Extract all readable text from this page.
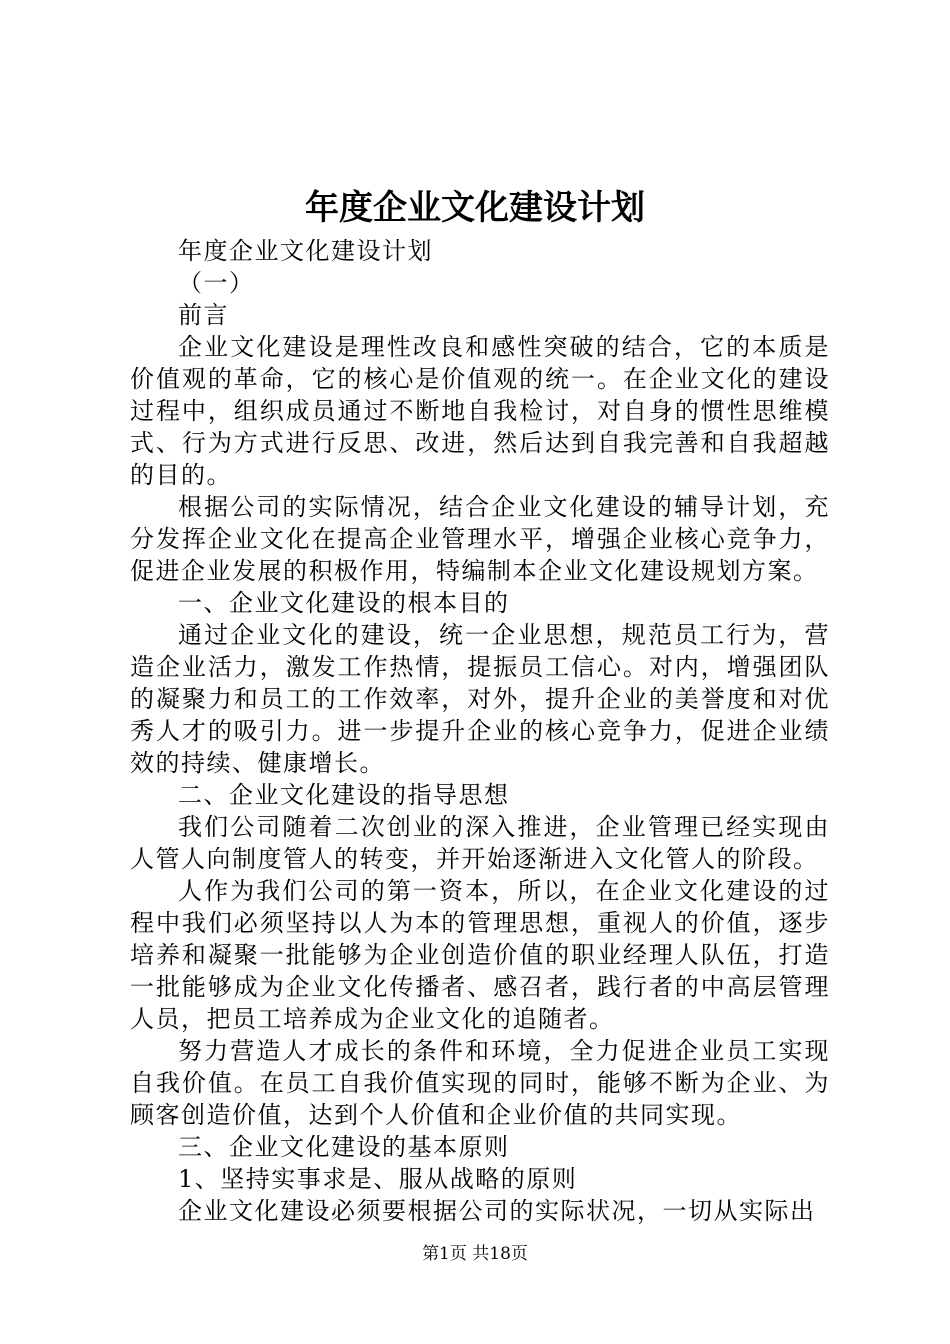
年度企业文化建设计划

年度企业文化建设计划

（一）

前言

企业文化建设是理性改良和感性突破的结合，它的本质是价值观的革命，它的核心是价值观的统一。在企业文化的建设过程中，组织成员通过不断地自我检讨，对自身的惯性思维模式、行为方式进行反思、改进，然后达到自我完善和自我超越的目的。

根据公司的实际情况，结合企业文化建设的辅导计划，充分发挥企业文化在提高企业管理水平，增强企业核心竞争力，促进企业发展的积极作用，特编制本企业文化建设规划方案。

一、企业文化建设的根本目的

通过企业文化的建设，统一企业思想，规范员工行为，营造企业活力，激发工作热情，提振员工信心。对内，增强团队的凝聚力和员工的工作效率，对外，提升企业的美誉度和对优秀人才的吸引力。进一步提升企业的核心竞争力，促进企业绩效的持续、健康增长。

二、企业文化建设的指导思想

我们公司随着二次创业的深入推进，企业管理已经实现由人管人向制度管人的转变，并开始逐渐进入文化管人的阶段。

人作为我们公司的第一资本，所以，在企业文化建设的过程中我们必须坚持以人为本的管理思想，重视人的价值，逐步培养和凝聚一批能够为企业创造价值的职业经理人队伍，打造一批能够成为企业文化传播者、感召者，践行者的中高层管理人员，把员工培养成为企业文化的追随者。

努力营造人才成长的条件和环境，全力促进企业员工实现自我价值。在员工自我价值实现的同时，能够不断为企业、为顾客创造价值，达到个人价值和企业价值的共同实现。

三、企业文化建设的基本原则

1、坚持实事求是、服从战略的原则

企业文化建设必须要根据公司的实际状况，一切从实际出

第1页 共18页
